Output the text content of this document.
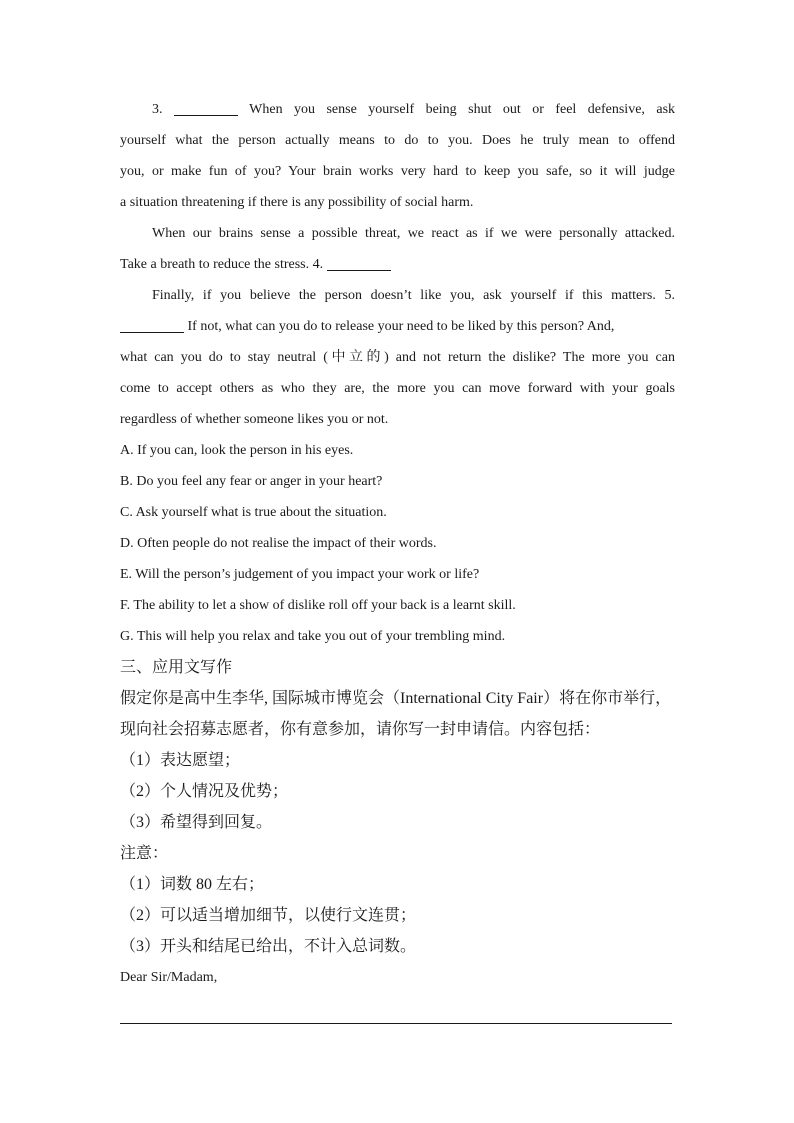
3.	When you sense yourself being shut out or feel defensive, ask
yourself what the person actually means to do to you. Does he truly mean to offend
you, or make fun of you? Your brain works very hard to keep you safe, so it will judge
a situation threatening if there is any possibility of social harm.
When our brains sense a possible threat, we react as if we were personally attacked.
Take a breath to reduce the stress. 4.
Finally, if you believe the person doesn’t like you, ask yourself if this matters. 5.
If not, what can you do to release your need to be liked by this person? And,
what can you do to stay neutral (中立的) and not return the dislike? The more you can
come to accept others as who they are, the more you can move forward with your goals
regardless of whether someone likes you or not.
A. If you can, look the person in his eyes.
B. Do you feel any fear or anger in your heart?
C. Ask yourself what is true about the situation.
D. Often people do not realise the impact of their words.
E. Will the person’s judgement of you impact your work or life?
F. The ability to let a show of dislike roll off your back is a learnt skill.
G. This will help you relax and take you out of your trembling mind.
三、应用文写作
假定你是高中生李华, 国际城市博览会（International City Fair）将在你市举行，
现向社会招募志愿者，你有意参加，请你写一封申请信。内容包括：
（1）表达愿望；
（2）个人情况及优势；
（3）希望得到回复。
注意：
（1）词数 80 左右；
（2）可以适当增加细节，以使行文连贯；
（3）开头和结尾已给出，不计入总词数。
Dear Sir/Madam,
